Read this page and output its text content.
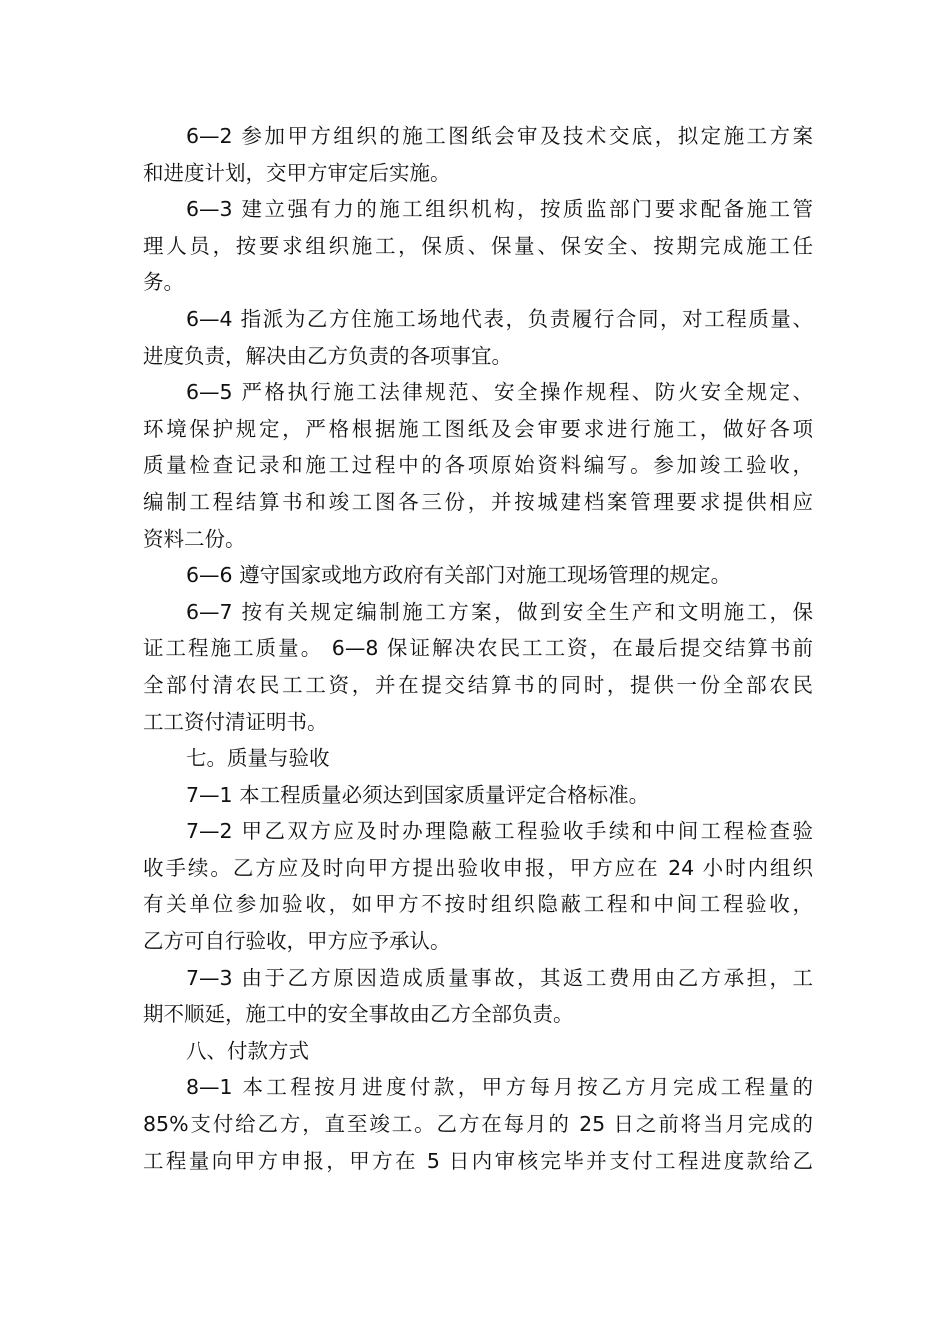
6—2 参加甲方组织的施工图纸会审及技术交底，拟定施工方案
和进度计划，交甲方审定后实施。
6—3 建立强有力的施工组织机构，按质监部门要求配备施工管
理人员，按要求组织施工，保质、保量、保安全、按期完成施工任
务。
6—4 指派为乙方住施工场地代表，负责履行合同，对工程质量、
进度负责，解决由乙方负责的各项事宜。
6—5 严格执行施工法律规范、安全操作规程、防火安全规定、
环境保护规定，严格根据施工图纸及会审要求进行施工，做好各项
质量检查记录和施工过程中的各项原始资料编写。参加竣工验收，
编制工程结算书和竣工图各三份，并按城建档案管理要求提供相应
资料二份。
6—6 遵守国家或地方政府有关部门对施工现场管理的规定。
6—7 按有关规定编制施工方案，做到安全生产和文明施工，保
证工程施工质量。 6—8 保证解决农民工工资，在最后提交结算书前
全部付清农民工工资，并在提交结算书的同时，提供一份全部农民
工工资付清证明书。
七。质量与验收
7—1 本工程质量必须达到国家质量评定合格标准。
7—2 甲乙双方应及时办理隐蔽工程验收手续和中间工程检查验
收手续。乙方应及时向甲方提出验收申报，甲方应在 24 小时内组织
有关单位参加验收，如甲方不按时组织隐蔽工程和中间工程验收，
乙方可自行验收，甲方应予承认。
7—3 由于乙方原因造成质量事故，其返工费用由乙方承担，工
期不顺延，施工中的安全事故由乙方全部负责。
八、付款方式
8—1 本工程按月进度付款，甲方每月按乙方月完成工程量的
85%支付给乙方，直至竣工。乙方在每月的 25 日之前将当月完成的
工程量向甲方申报，甲方在 5 日内审核完毕并支付工程进度款给乙
